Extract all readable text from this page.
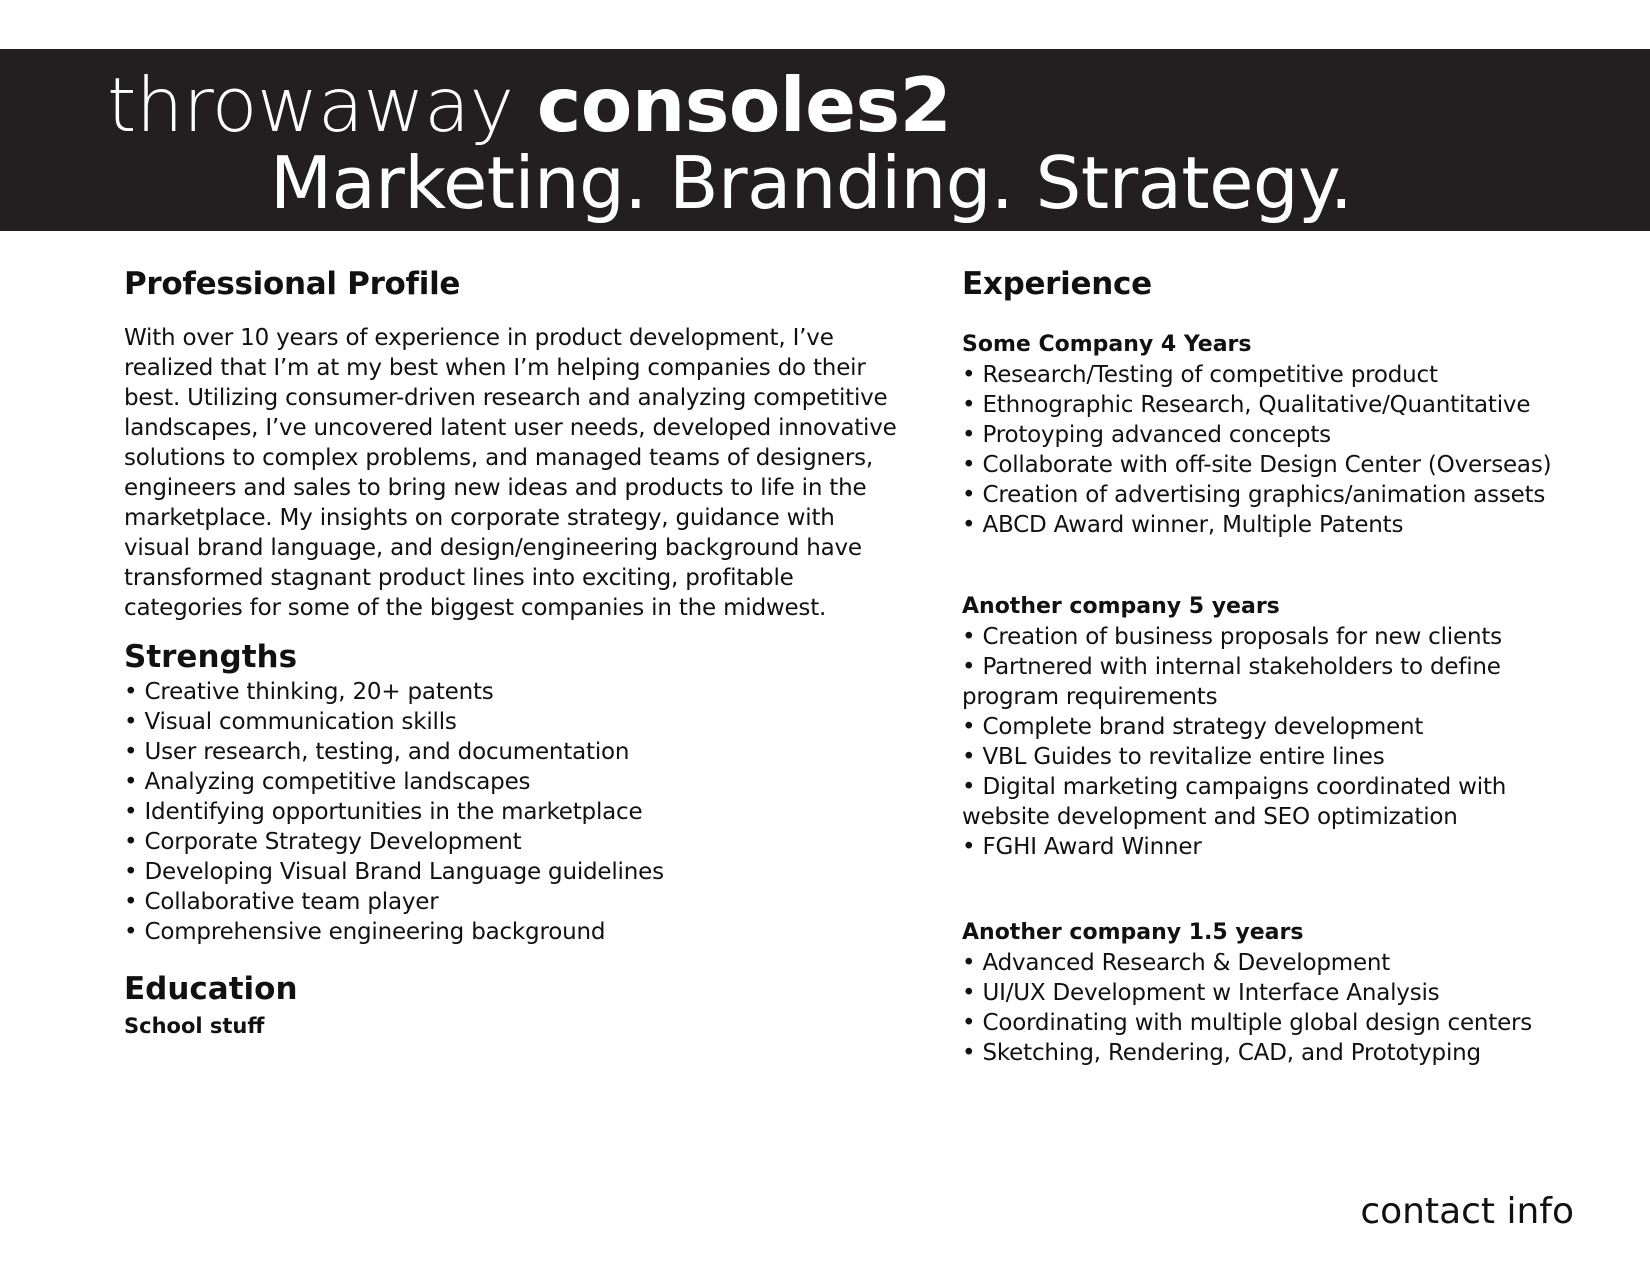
throwaway consoles2
Marketing. Branding. Strategy.
Professional Profile

With over 10 years of experience in product development, I’ve realized that I’m at my best when I’m helping companies do their best. Utilizing consumer-driven research and analyzing competitive landscapes, I’ve uncovered latent user needs, developed innovative solutions to complex problems, and managed teams of designers, engineers and sales to bring new ideas and products to life in the marketplace. My insights on corporate strategy, guidance with visual brand language, and design/engineering background have transformed stagnant product lines into exciting, profitable categories for some of the biggest companies in the midwest.

Strengths
• Creative thinking, 20+ patents
• Visual communication skills
• User research, testing, and documentation
• Analyzing competitive landscapes
• Identifying opportunities in the marketplace
• Corporate Strategy Development
• Developing Visual Brand Language guidelines
• Collaborative team player
• Comprehensive engineering background
Education
School stuff
Experience
Some Company 4 Years
• Research/Testing of competitive product
• Ethnographic Research, Qualitative/Quantitative
• Protoyping advanced concepts
• Collaborate with off-site Design Center (Overseas)
• Creation of advertising graphics/animation assets
• ABCD Award winner, Multiple Patents
Another company 5 years
• Creation of business proposals for new clients
• Partnered with internal stakeholders to define program requirements
• Complete brand strategy development
• VBL Guides to revitalize entire lines
• Digital marketing campaigns coordinated with website development and SEO optimization
• FGHI Award Winner
Another company 1.5 years
• Advanced Research & Development
• UI/UX Development w Interface Analysis
• Coordinating with multiple global design centers
• Sketching, Rendering, CAD, and Prototyping
contact info
